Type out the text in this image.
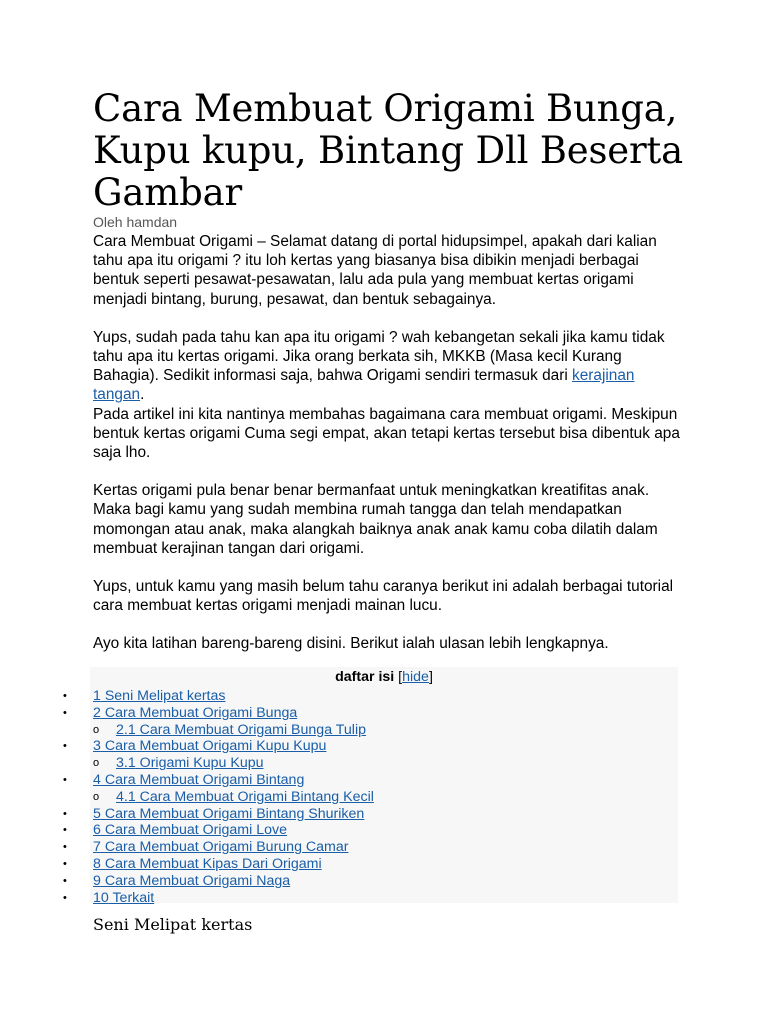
Cara Membuat Origami Bunga, Kupu kupu, Bintang Dll Beserta Gambar
Oleh hamdan

Cara Membuat Origami – Selamat datang di portal hidupsimpel, apakah dari kalian tahu apa itu origami ? itu loh kertas yang biasanya bisa dibikin menjadi berbagai bentuk seperti pesawat-pesawatan, lalu ada pula yang membuat kertas origami menjadi bintang, burung, pesawat, dan bentuk sebagainya.

Yups, sudah pada tahu kan apa itu origami ? wah kebangetan sekali jika kamu tidak tahu apa itu kertas origami. Jika orang berkata sih, MKKB (Masa kecil Kurang Bahagia). Sedikit informasi saja, bahwa Origami sendiri termasuk dari kerajinan tangan.

Pada artikel ini kita nantinya membahas bagaimana cara membuat origami. Meskipun bentuk kertas origami Cuma segi empat, akan tetapi kertas tersebut bisa dibentuk apa saja lho.

Kertas origami pula benar benar bermanfaat untuk meningkatkan kreatifitas anak. Maka bagi kamu yang sudah membina rumah tangga dan telah mendapatkan momongan atau anak, maka alangkah baiknya anak anak kamu coba dilatih dalam membuat kerajinan tangan dari origami.

Yups, untuk kamu yang masih belum tahu caranya berikut ini adalah berbagai tutorial cara membuat kertas origami menjadi mainan lucu.

Ayo kita latihan bareng-bareng disini. Berikut ialah ulasan lebih lengkapnya.

daftar isi [hide]
• 1 Seni Melipat kertas
• 2 Cara Membuat Origami Bunga
o 2.1 Cara Membuat Origami Bunga Tulip
• 3 Cara Membuat Origami Kupu Kupu
o 3.1 Origami Kupu Kupu
• 4 Cara Membuat Origami Bintang
o 4.1 Cara Membuat Origami Bintang Kecil
• 5 Cara Membuat Origami Bintang Shuriken
• 6 Cara Membuat Origami Love
• 7 Cara Membuat Origami Burung Camar
• 8 Cara Membuat Kipas Dari Origami
• 9 Cara Membuat Origami Naga
• 10 Terkait
Seni Melipat kertas
